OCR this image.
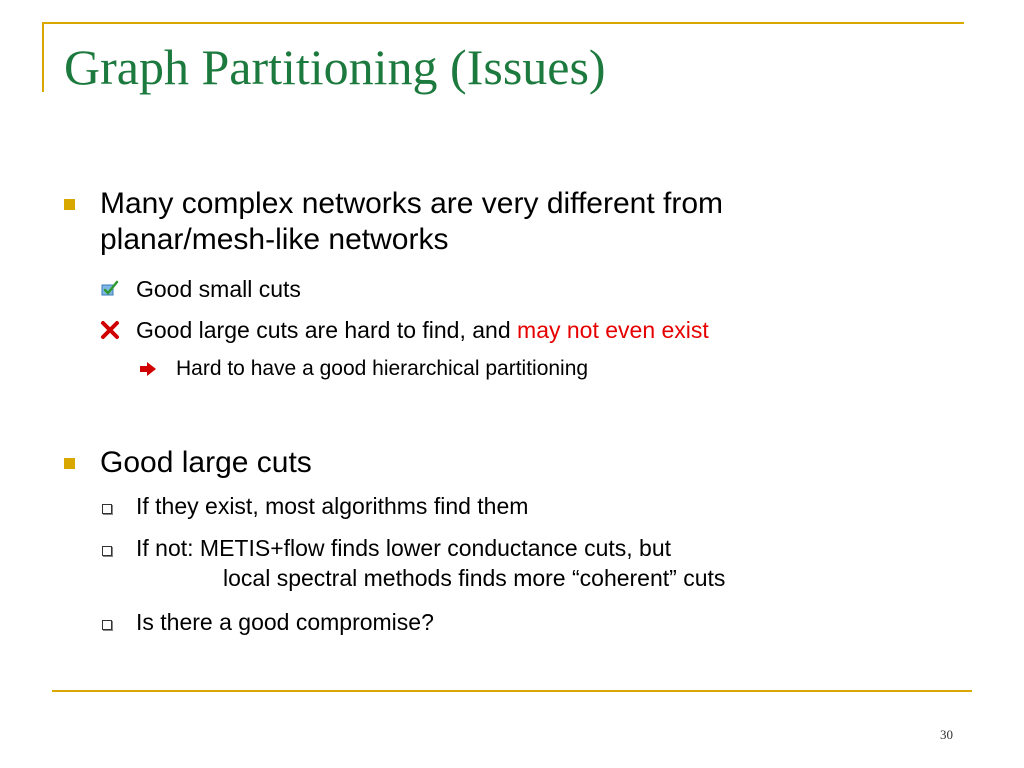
Graph Partitioning (Issues)
Many complex networks are very different from
planar/mesh-like networks
Good small cuts
Good large cuts are hard to find, and may not even exist
Hard to have a good hierarchical partitioning
Good large cuts
If they exist, most algorithms find them
If not: METIS+flow finds lower conductance cuts, but
local spectral methods finds more “coherent” cuts
Is there a good compromise?
30
